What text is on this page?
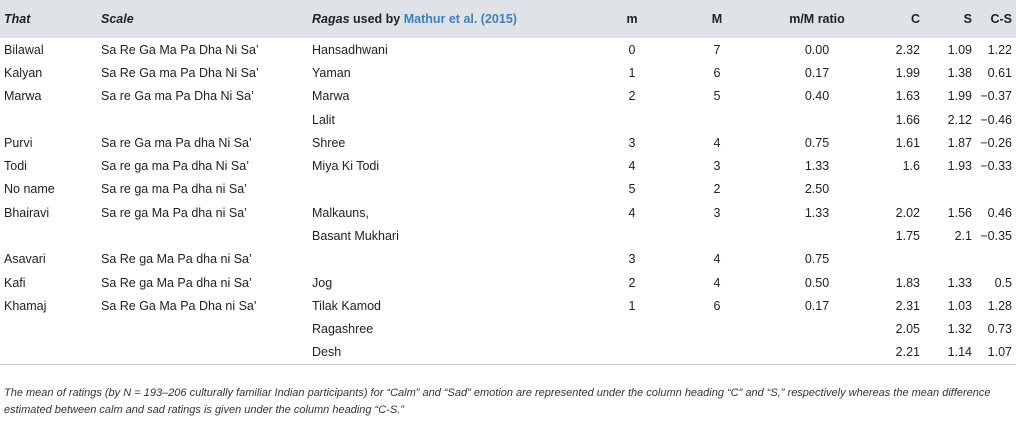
That	Scale	Ragas used by Mathur et al. (2015)	m	M	m/M ratio	C	S	C-S
Bilawal	Sa Re Ga Ma Pa Dha Ni Sa’	Hansadhwani	0	7	0.00	2.32	1.09	1.22
Kalyan	Sa Re Ga ma Pa Dha Ni Sa’	Yaman	1	6	0.17	1.99	1.38	0.61
Marwa	Sa re Ga ma Pa Dha Ni Sa’	Marwa	2	5	0.40	1.63	1.99	−0.37
		Lalit				1.66	2.12	−0.46
Purvi	Sa re Ga ma Pa dha Ni Sa’	Shree	3	4	0.75	1.61	1.87	−0.26
Todi	Sa re ga ma Pa dha Ni Sa’	Miya Ki Todi	4	3	1.33	1.6	1.93	−0.33
No name	Sa re ga ma Pa dha ni Sa’		5	2	2.50			
Bhairavi	Sa re ga Ma Pa dha ni Sa’	Malkauns,	4	3	1.33	2.02	1.56	0.46
		Basant Mukhari				1.75	2.1	−0.35
Asavari	Sa Re ga Ma Pa dha ni Sa’		3	4	0.75			
Kafi	Sa Re ga Ma Pa dha ni Sa’	Jog	2	4	0.50	1.83	1.33	0.5
Khamaj	Sa Re Ga Ma Pa Dha ni Sa’	Tilak Kamod	1	6	0.17	2.31	1.03	1.28
		Ragashree				2.05	1.32	0.73
		Desh				2.21	1.14	1.07
The mean of ratings (by N = 193–206 culturally familiar Indian participants) for “Calm” and “Sad” emotion are represented under the column heading “C” and “S,” respectively whereas the mean difference estimated between calm and sad ratings is given under the column heading “C-S.”
